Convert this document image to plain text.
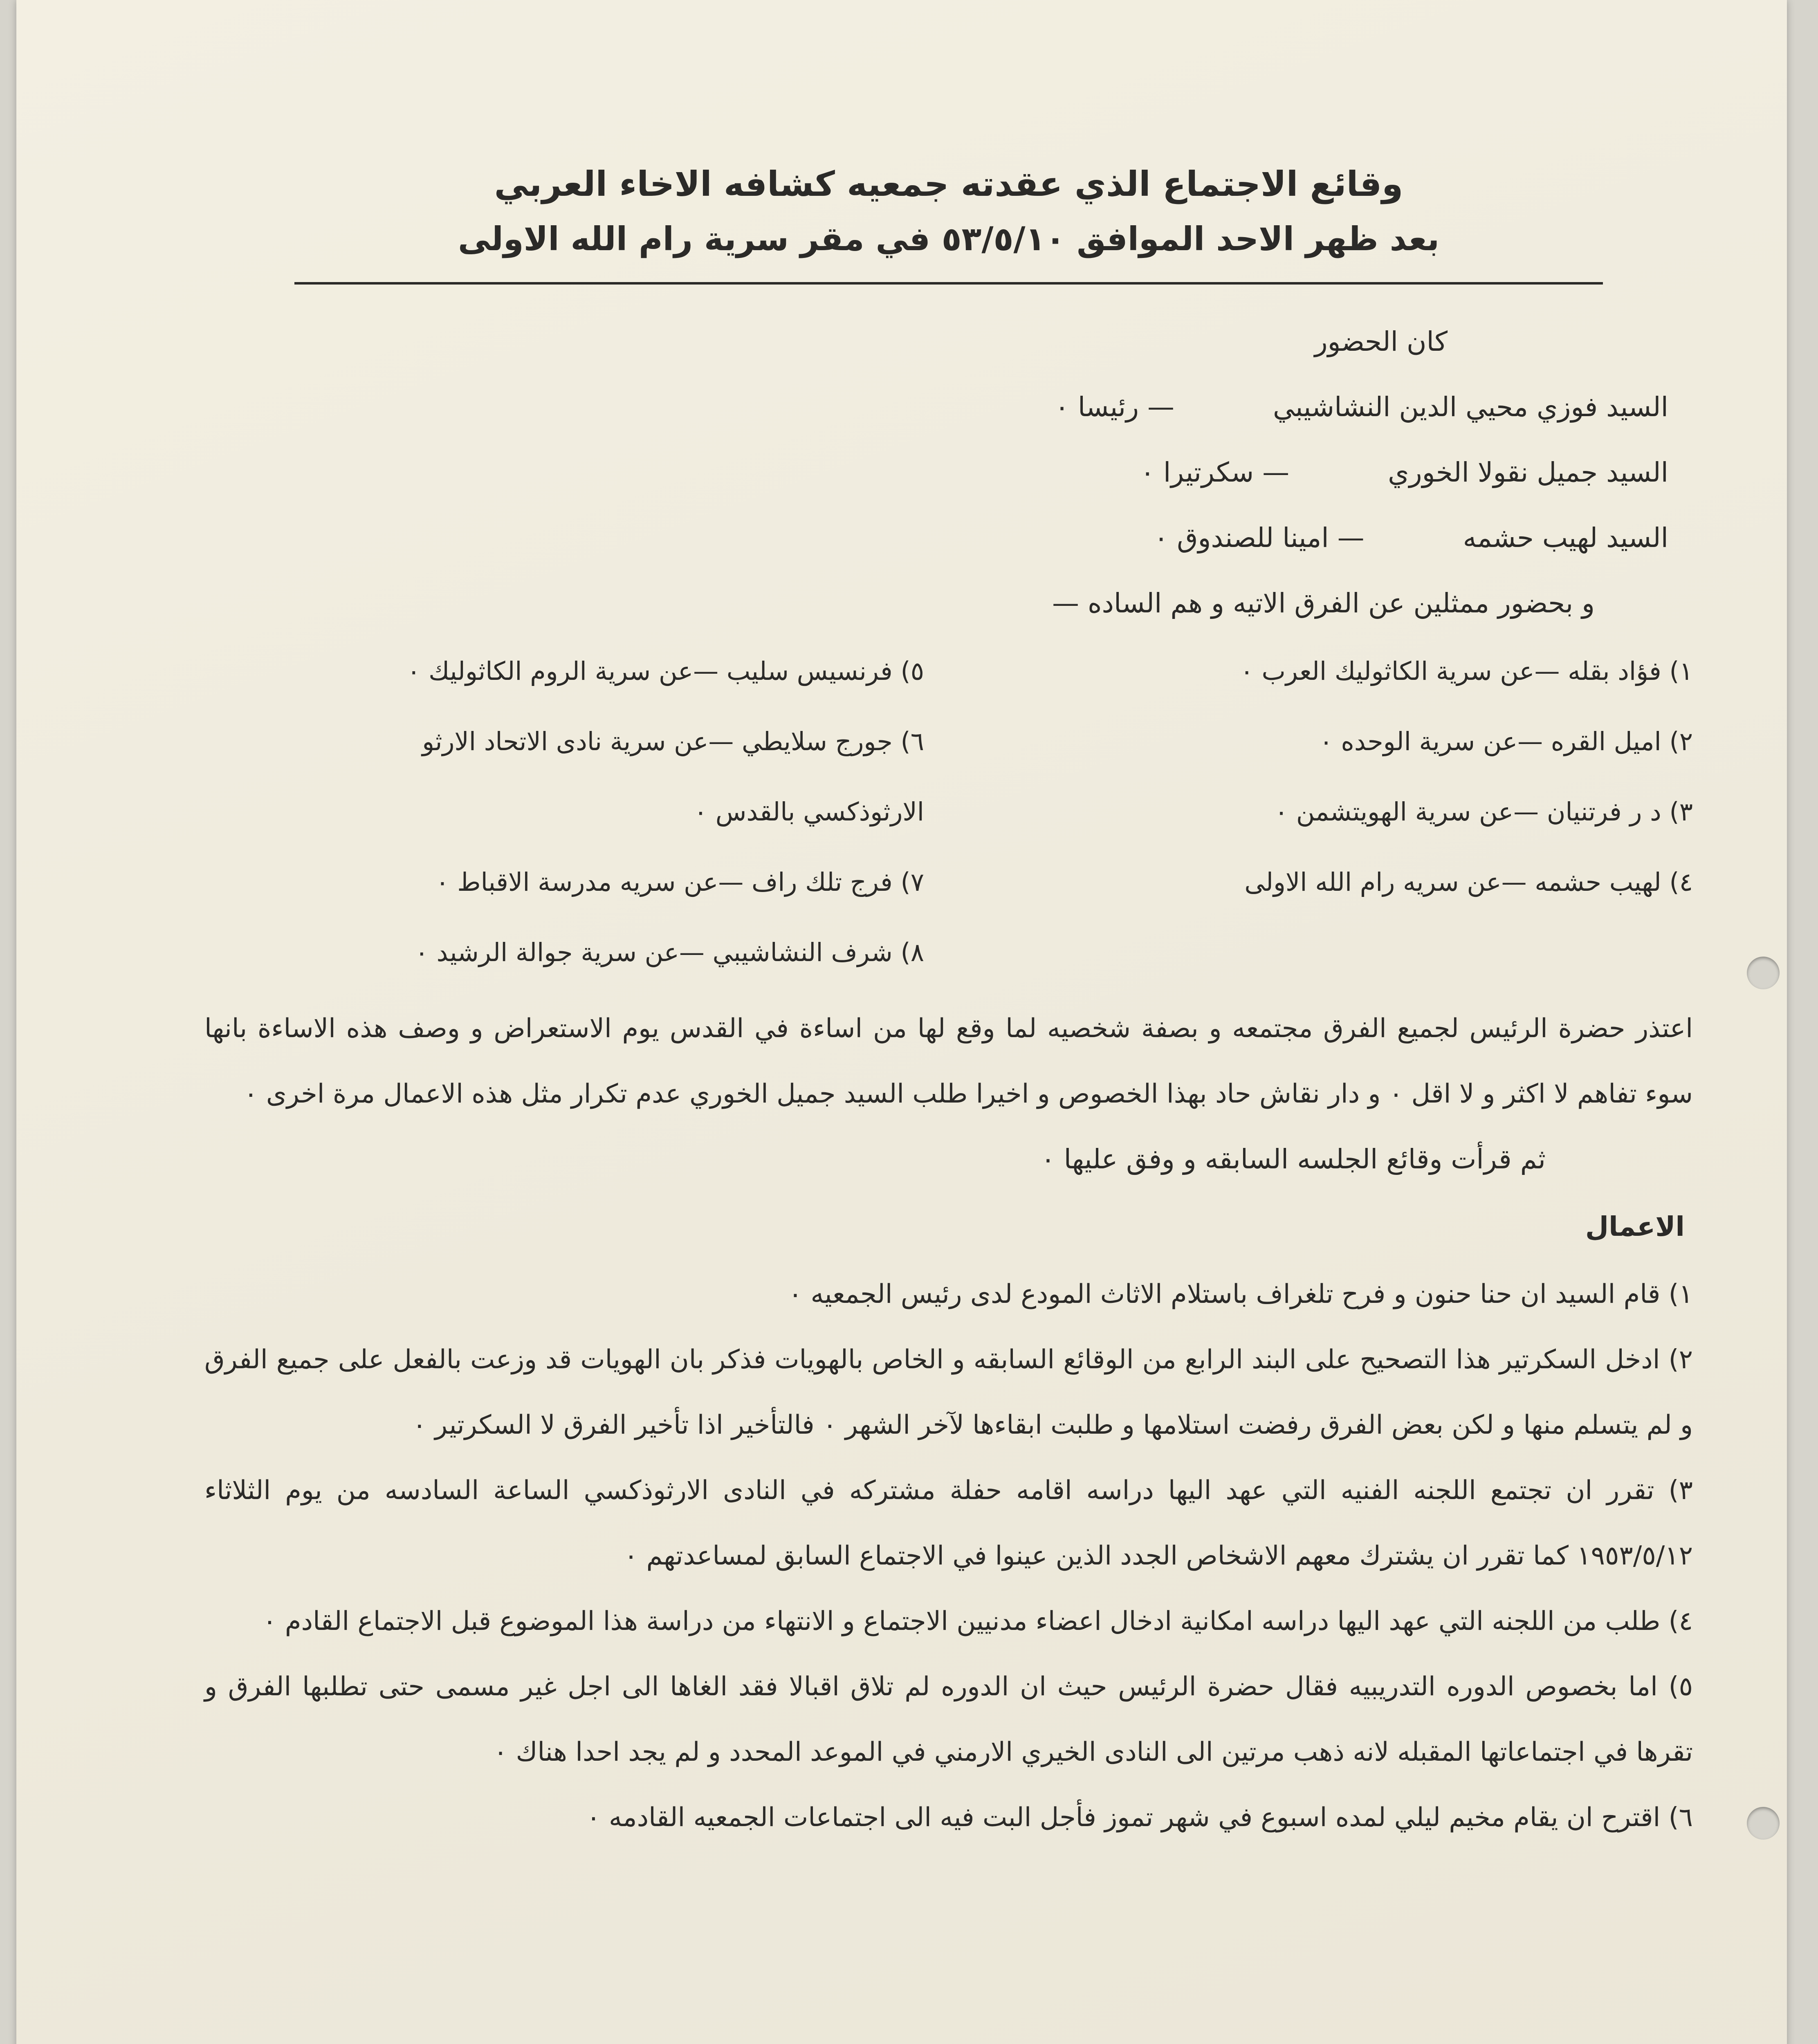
وقائع الاجتماع الذي عقدته جمعيه كشافه الاخاء العربي
بعد ظهر الاحد الموافق ٥٣/٥/١٠ في مقر سرية رام الله الاولى
كان الحضور
السيد فوزي محيي الدين النشاشيبي — رئيسا ٠
السيد جميل نقولا الخوري — سكرتيرا ٠
السيد لهيب حشمه — امينا للصندوق ٠
و بحضور ممثلين عن الفرق الاتيه و هم الساده —
١) فؤاد بقله —عن سرية الكاثوليك العرب ٠
٥) فرنسيس سليب —عن سرية الروم الكاثوليك ٠
٢) اميل القره —عن سرية الوحده ٠
٦) جورج سلايطي —عن سرية نادى الاتحاد الارثو
٣) د ر فرتنيان —عن سرية الهويتشمن ٠
الارثوذكسي بالقدس ٠
٤) لهيب حشمه —عن سريه رام الله الاولى
٧) فرج تلك راف —عن سريه مدرسة الاقباط ٠
٨) شرف النشاشيبي —عن سرية جوالة الرشيد ٠
اعتذر حضرة الرئيس لجميع الفرق مجتمعه و بصفة شخصيه لما وقع لها من اساءة في القدس يوم الاستعراض و وصف هذه الاساءة بانها سوء تفاهم لا اكثر و لا اقل ٠ و دار نقاش حاد بهذا الخصوص و اخيرا طلب السيد جميل الخوري عدم تكرار مثل هذه الاعمال مرة اخرى ٠
ثم قرأت وقائع الجلسه السابقه و وفق عليها ٠
الاعمال
١) قام السيد ان حنا حنون و فرح تلغراف باستلام الاثاث المودع لدى رئيس الجمعيه ٠
٢) ادخل السكرتير هذا التصحيح على البند الرابع من الوقائع السابقه و الخاص بالهويات فذكر بان الهويات قد وزعت بالفعل على جميع الفرق و لم يتسلم منها و لكن بعض الفرق رفضت استلامها و طلبت ابقاءها لآخر الشهر ٠ فالتأخير اذا تأخير الفرق لا السكرتير ٠
٣) تقرر ان تجتمع اللجنه الفنيه التي عهد اليها دراسه اقامه حفلة مشتركه في النادى الارثوذكسي الساعة السادسه من يوم الثلاثاء ١٩٥٣/٥/١٢ كما تقرر ان يشترك معهم الاشخاص الجدد الذين عينوا في الاجتماع السابق لمساعدتهم ٠
٤) طلب من اللجنه التي عهد اليها دراسه امكانية ادخال اعضاء مدنيين الاجتماع و الانتهاء من دراسة هذا الموضوع قبل الاجتماع القادم ٠
٥) اما بخصوص الدوره التدريبيه فقال حضرة الرئيس حيث ان الدوره لم تلاق اقبالا فقد الغاها الى اجل غير مسمى حتى تطلبها الفرق و تقرها في اجتماعاتها المقبله لانه ذهب مرتين الى النادى الخيري الارمني في الموعد المحدد و لم يجد احدا هناك ٠
٦) اقترح ان يقام مخيم ليلي لمده اسبوع في شهر تموز فأجل البت فيه الى اجتماعات الجمعيه القادمه ٠
